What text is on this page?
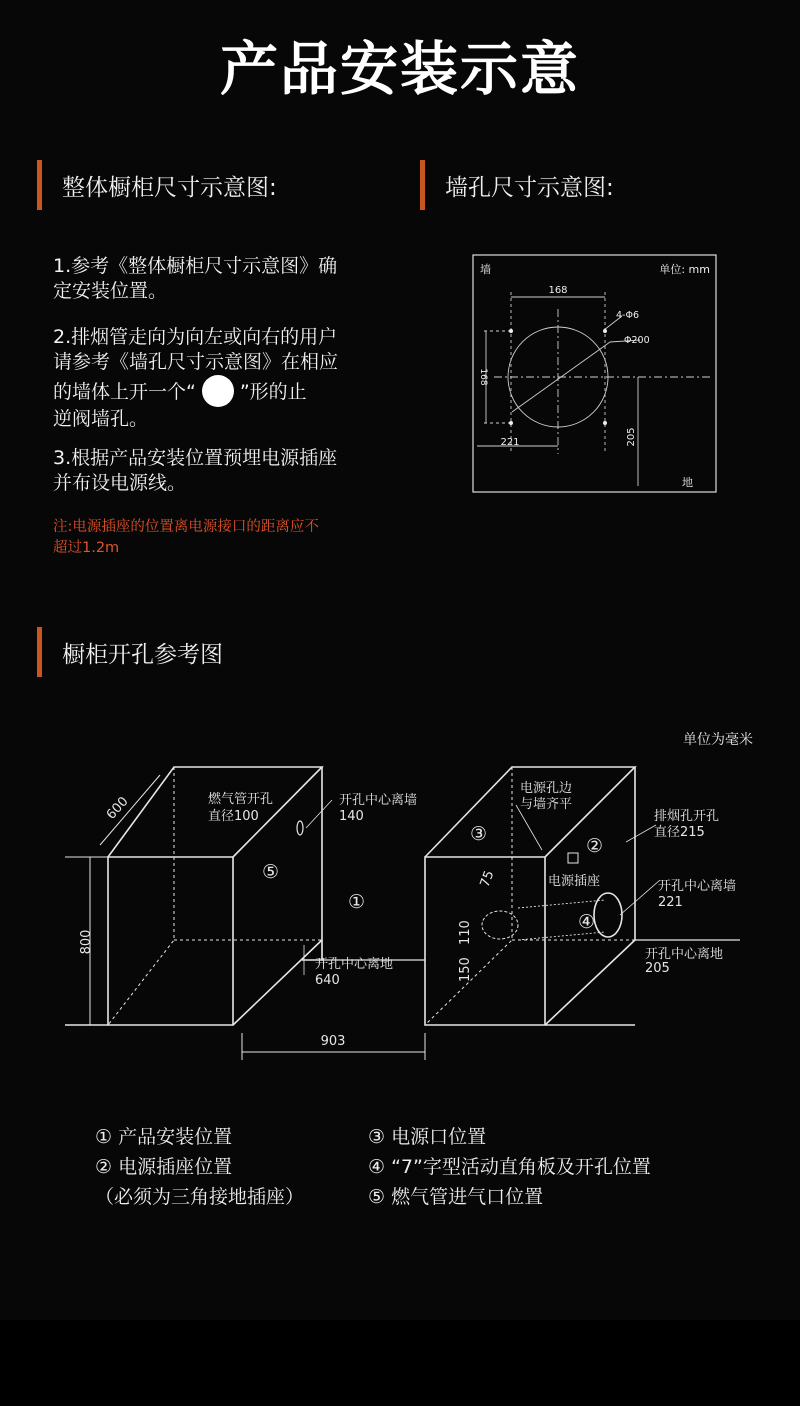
产品安装示意
整体橱柜尺寸示意图:	墙孔尺寸示意图:

1.参考《整体橱柜尺寸示意图》确

定安装位置。

2.排烟管走向为向左或向右的用户

请参考《墙孔尺寸示意图》在相应

的墙体上开一个“ ”形的止

逆阀墙孔。

3.根据产品安装位置预埋电源插座

并布设电源线。

注:电源插座的位置离电源接口的距离应不
超过1.2m
墙	单位: mm
地
168
4-Φ6
Φ200
168
221	205
橱柜开孔参考图
单位为毫米
600
800
903
燃气管开孔
直径100
开孔中心离墙
140
开孔中心离地
640
电源孔边
与墙齐平
排烟孔开孔
直径215
开孔中心离墙
221
开孔中心离地
205
电源插座
75
110
150
⑤
①
③
②
④

① 产品安装位置

② 电源插座位置

（必须为三角接地插座）

③ 电源口位置

④ “7”字型活动直角板及开孔位置

⑤ 燃气管进气口位置
